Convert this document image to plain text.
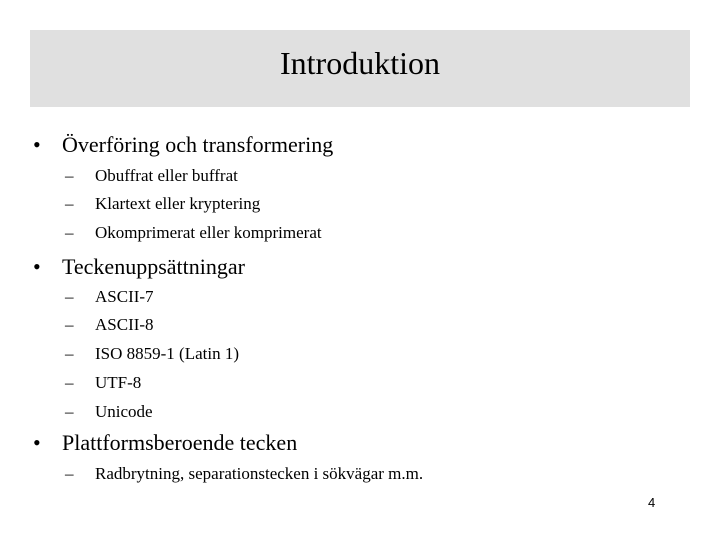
Introduktion
• Överföring och transformering
– Obuffrat eller buffrat
– Klartext eller kryptering
– Okomprimerat eller komprimerat
• Teckenuppsättningar
– ASCII-7
– ASCII-8
– ISO 8859-1 (Latin 1)
– UTF-8
– Unicode
• Plattformsberoende tecken
– Radbrytning, separationstecken i sökvägar m.m.
4
